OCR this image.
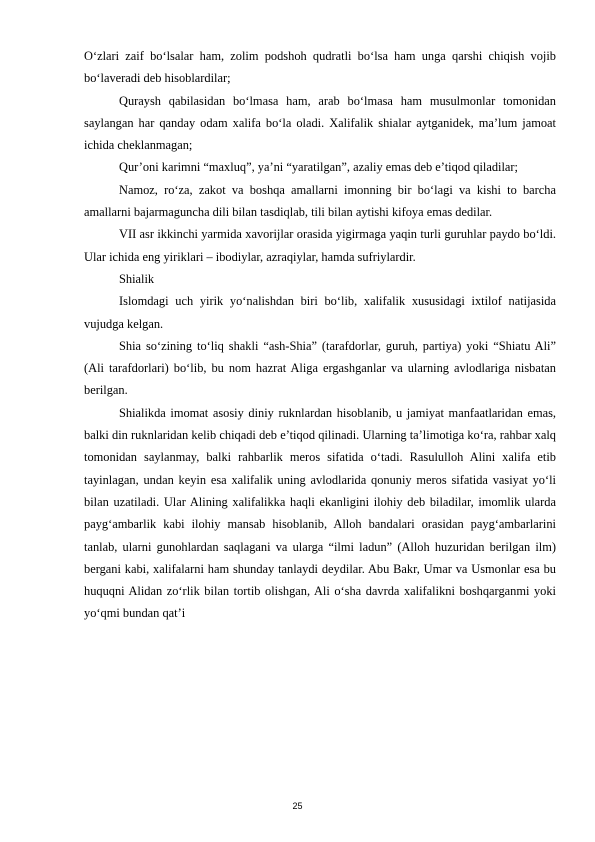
O‘zlari zaif bo‘lsalar ham, zolim podshoh qudratli bo‘lsa ham unga qarshi chiqish vojib bo‘laveradi deb hisoblardilar;

Quraysh qabilasidan bo‘lmasa ham, arab bo‘lmasa ham musulmonlar tomonidan saylangan har qanday odam xalifa bo‘la oladi. Xalifalik shialar aytganidek, ma’lum jamoat ichida cheklanmagan;

Qur’oni karimni “maxluq”, ya’ni “yaratilgan”, azaliy emas deb e’tiqod qiladilar;

Namoz, ro‘za, zakot va boshqa amallarni imonning bir bo‘lagi va kishi to barcha amallarni bajarmaguncha dili bilan tasdiqlab, tili bilan aytishi kifoya emas dedilar.

VII asr ikkinchi yarmida xavorijlar orasida yigirmaga yaqin turli guruhlar paydo bo‘ldi. Ular ichida eng yiriklari – ibodiylar, azraqiylar, hamda sufriylardir.

Shialik

Islomdagi uch yirik yo‘nalishdan biri bo‘lib, xalifalik xususidagi ixtilof natijasida vujudga kelgan.

Shia so‘zining to‘liq shakli “ash-Shia” (tarafdorlar, guruh, partiya) yoki “Shiatu Ali” (Ali tarafdorlari) bo‘lib, bu nom hazrat Aliga ergashganlar va ularning avlodlariga nisbatan berilgan.

Shialikda imomat asosiy diniy ruknlardan hisoblanib, u jamiyat manfaatlaridan emas, balki din ruknlaridan kelib chiqadi deb e’tiqod qilinadi. Ularning ta’limotiga ko‘ra, rahbar xalq tomonidan saylanmay, balki rahbarlik meros sifatida o‘tadi. Rasululloh Alini xalifa etib tayinlagan, undan keyin esa xalifalik uning avlodlarida qonuniy meros sifatida vasiyat yo‘li bilan uzatiladi. Ular Alining xalifalikka haqli ekanligini ilohiy deb biladilar, imomlik ularda payg‘ambarlik kabi ilohiy mansab hisoblanib, Alloh bandalari orasidan payg‘ambarlarini tanlab, ularni gunohlardan saqlagani va ularga “ilmi ladun” (Alloh huzuridan berilgan ilm) bergani kabi, xalifalarni ham shunday tanlaydi deydilar. Abu Bakr, Umar va Usmonlar esa bu huquqni Alidan zo‘rlik bilan tortib olishgan, Ali o‘sha davrda xalifalikni boshqarganmi yoki yo‘qmi bundan qat’i

25
